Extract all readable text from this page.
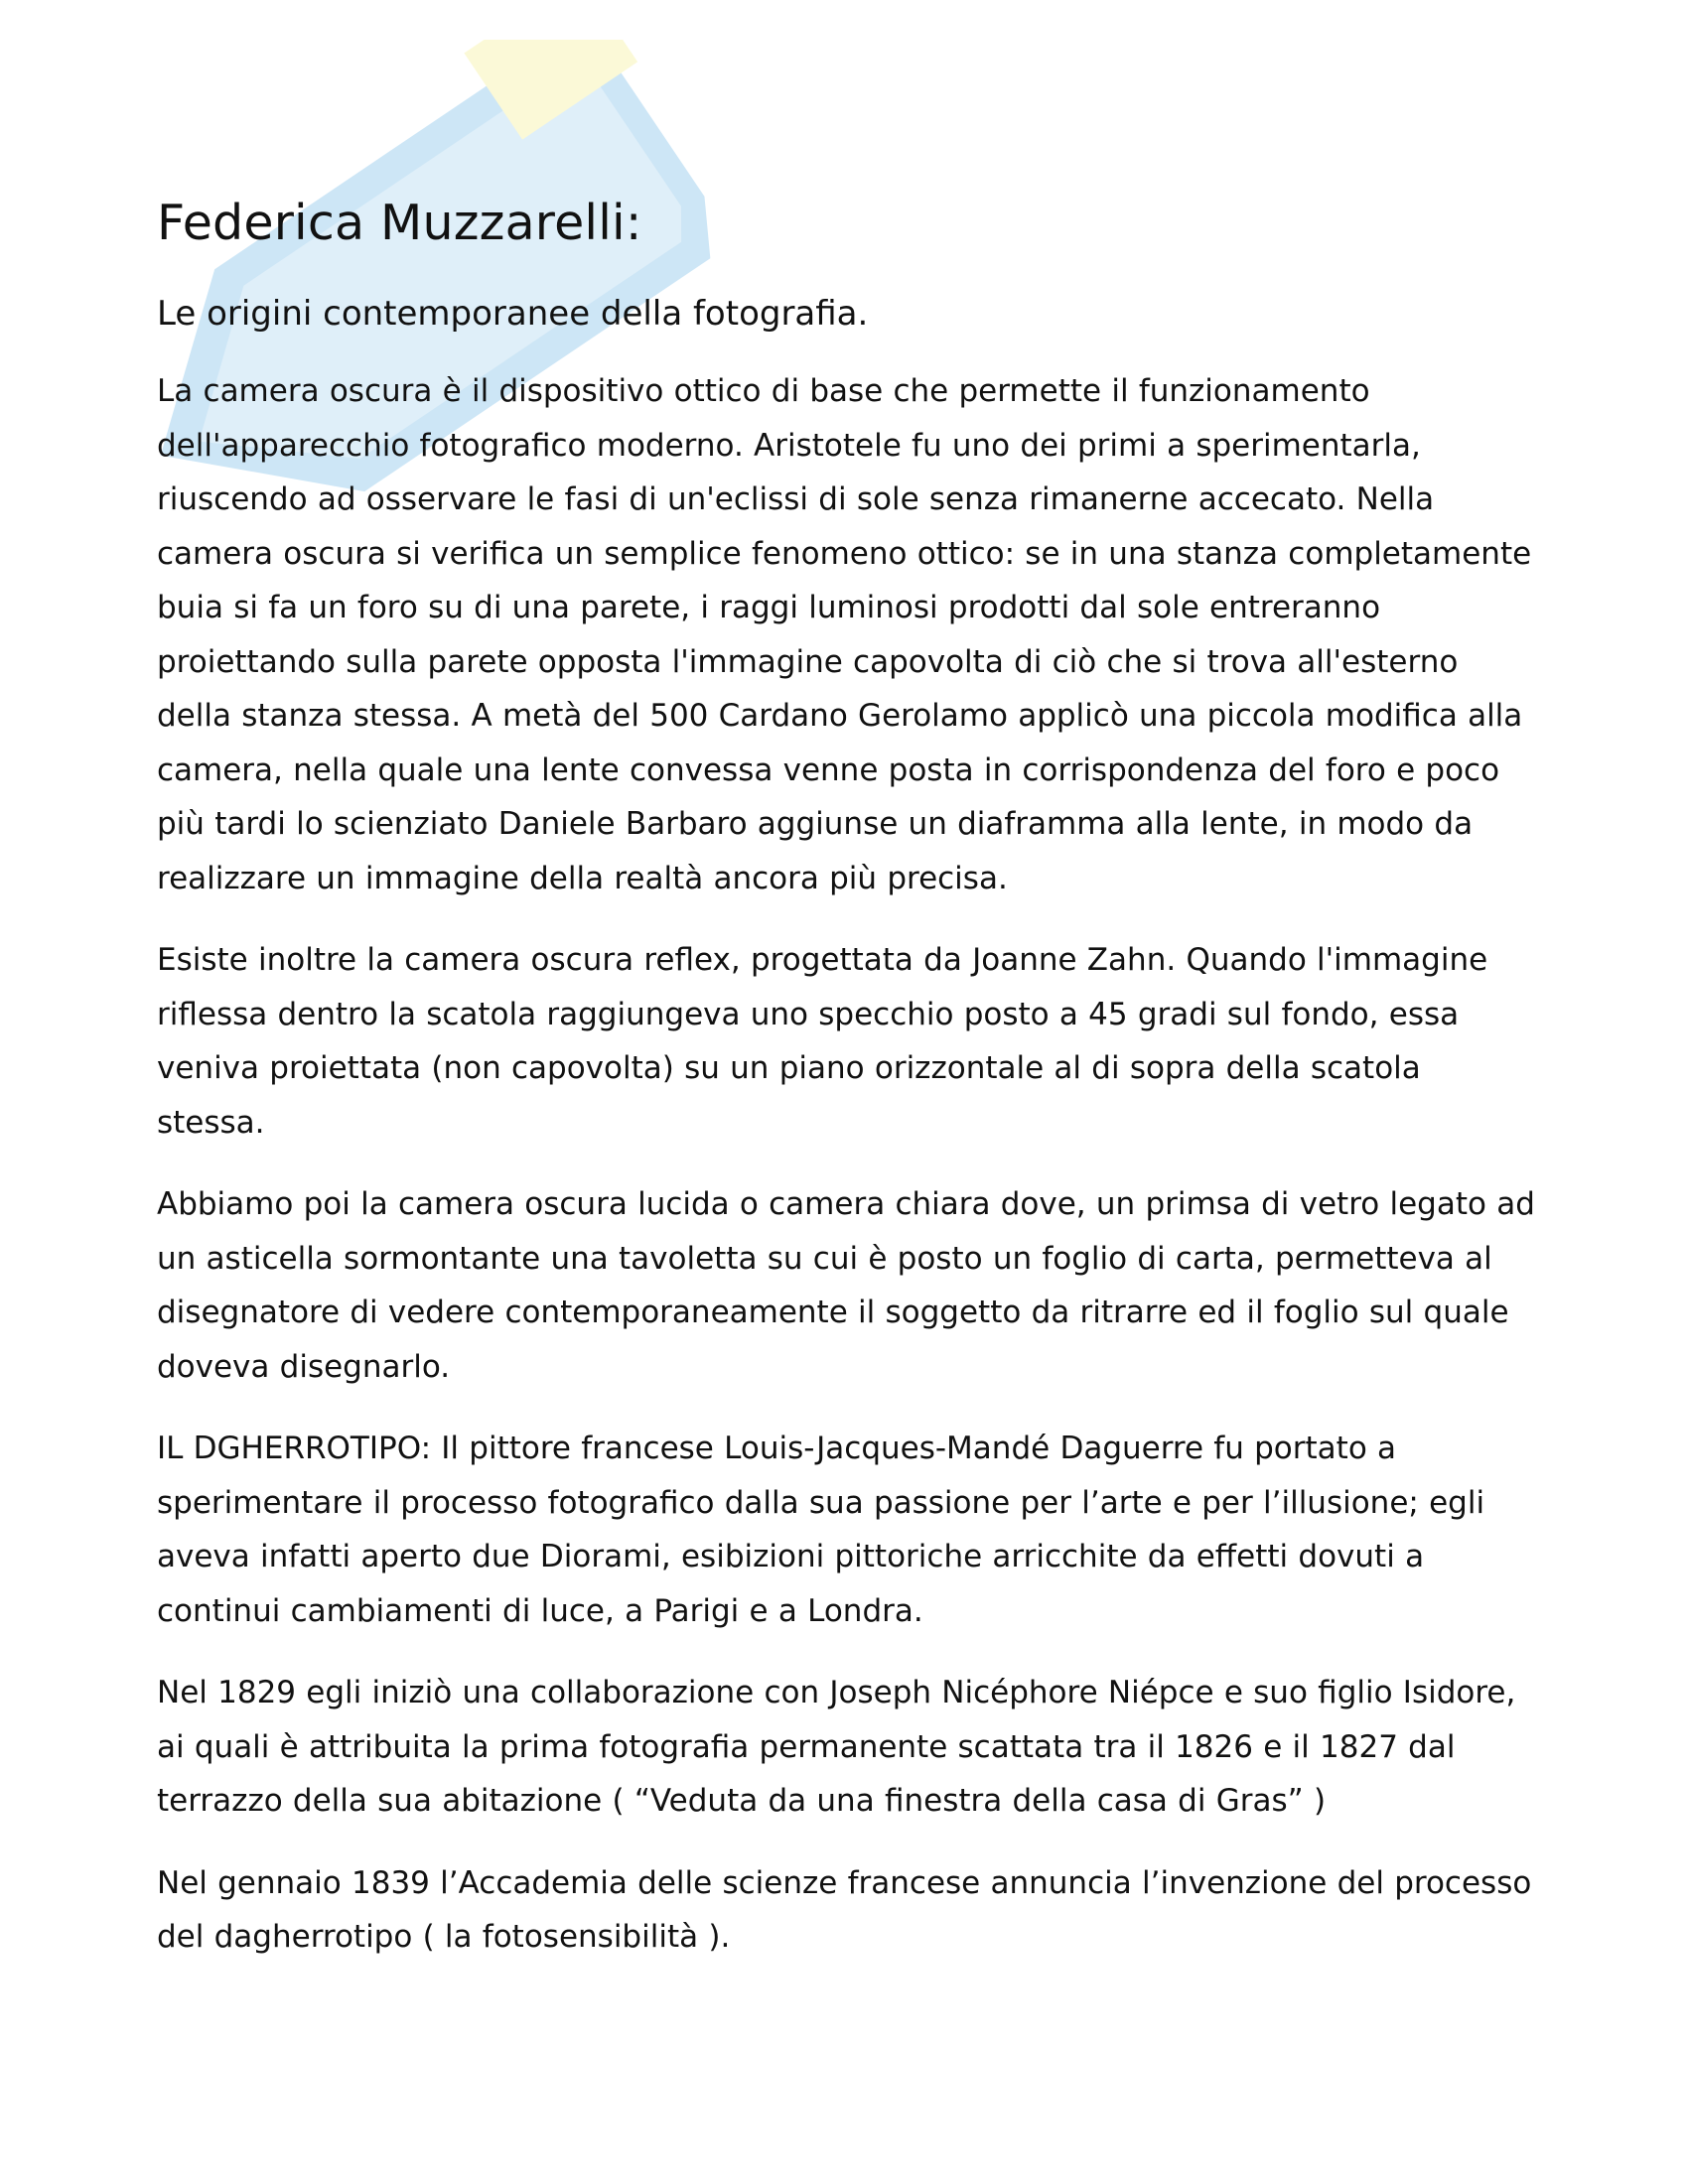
Federica Muzzarelli:
Le origini contemporanee della fotografia.

La camera oscura è il dispositivo ottico di base che permette il funzionamento dell'apparecchio fotografico moderno. Aristotele fu uno dei primi a sperimentarla, riuscendo ad osservare le fasi di un'eclissi di sole senza rimanerne accecato. Nella camera oscura si verifica un semplice fenomeno ottico: se in una stanza completamente buia si fa un foro su di una parete, i raggi luminosi prodotti dal sole entreranno proiettando sulla parete opposta l'immagine capovolta di ciò che si trova all'esterno della stanza stessa. A metà del 500 Cardano Gerolamo applicò una piccola modifica alla camera, nella quale una lente convessa venne posta in corrispondenza del foro e poco più tardi lo scienziato Daniele Barbaro aggiunse un diaframma alla lente, in modo da realizzare un immagine della realtà ancora più precisa.

Esiste inoltre la camera oscura reflex, progettata da Joanne Zahn. Quando l'immagine riflessa dentro la scatola raggiungeva uno specchio posto a 45 gradi sul fondo, essa veniva proiettata (non capovolta) su un piano orizzontale al di sopra della scatola stessa.

Abbiamo poi la camera oscura lucida o camera chiara dove, un primsa di vetro legato ad un asticella sormontante una tavoletta su cui è posto un foglio di carta, permetteva al disegnatore di vedere contemporaneamente il soggetto da ritrarre ed il foglio sul quale doveva disegnarlo.

IL DGHERROTIPO: Il pittore francese Louis-Jacques-Mandé Daguerre fu portato a sperimentare il processo fotografico dalla sua passione per l’arte e per l’illusione; egli aveva infatti aperto due Diorami, esibizioni pittoriche arricchite da effetti dovuti a continui cambiamenti di luce, a Parigi e a Londra.

Nel 1829 egli iniziò una collaborazione con Joseph Nicéphore Niépce e suo figlio Isidore, ai quali è attribuita la prima fotografia permanente scattata tra il 1826 e il 1827 dal terrazzo della sua abitazione ( “Veduta da una finestra della casa di Gras” )

Nel gennaio 1839 l’Accademia delle scienze francese annuncia l’invenzione del processo del dagherrotipo ( la fotosensibilità ).
